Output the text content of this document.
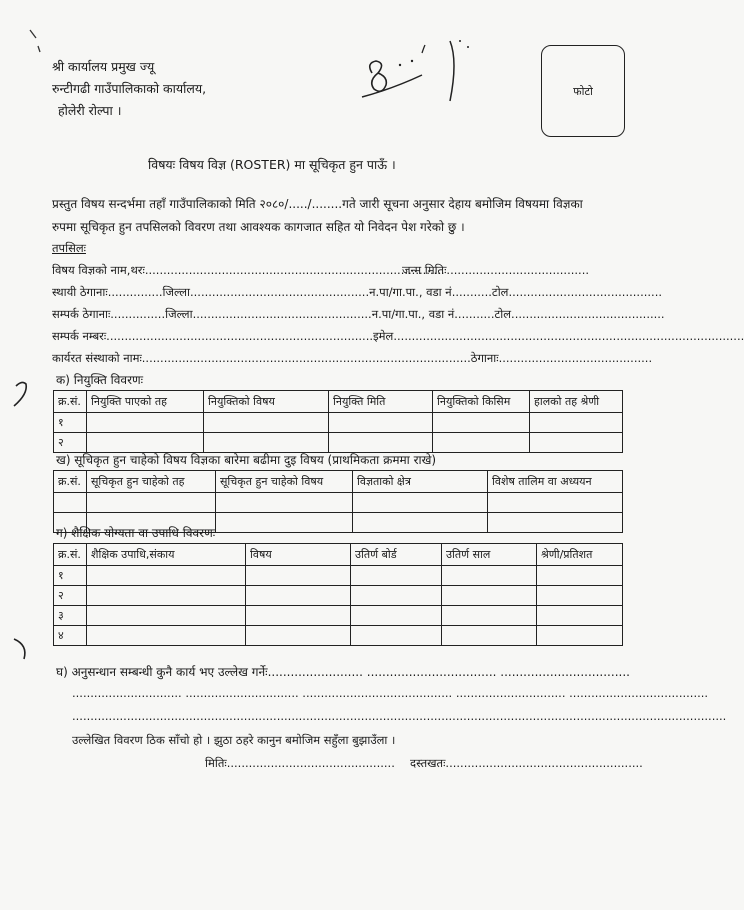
श्री कार्यालय प्रमुख ज्यू
रुन्टीगढी गाउँपालिकाको कार्यालय,
होलेरी रोल्पा ।
फोटो
विषयः विषय विज्ञ (ROSTER) मा सूचिकृत हुन पाऊँ ।
प्रस्तुत विषय सन्दर्भमा तहाँ गाउँपालिकाको मिति २०८०/...../........गते जारी सूचना अनुसार देहाय बमोजिम विषयमा विज्ञका
रुपमा सूचिकृत हुन तपसिलको विवरण तथा आवश्यक कागजात सहित यो निवेदन पेश गरेको छु ।
तपसिलः
विषय विज्ञको नाम,थरः..................................................................................
जन्म मितिः.......................................
स्थायी ठेगानाः...............जिल्ला.................................................न.पा/गा.पा., वडा नं...........टोल..........................................
सम्पर्क ठेगानाः...............जिल्ला.................................................न.पा/गा.पा., वडा नं...........टोल..........................................
सम्पर्क नम्बरः.........................................................................इमेल................................................................................................
कार्यरत संस्थाको नामः..........................................................................................ठेगानाः..........................................
क) नियुक्ति विवरणः
क्र.सं.	नियुक्ति पाएको तह	नियुक्तिको विषय	नियुक्ति मिति	नियुक्तिको किसिम	हालको तह श्रेणी
१					
२					
ख) सूचिकृत हुन चाहेको विषय विज्ञका बारेमा बढीमा दुइ विषय (प्राथमिकता क्रममा राखे)
क्र.सं.	सूचिकृत हुन चाहेको तह	सूचिकृत हुन चाहेको विषय	विज्ञताको क्षेत्र	विशेष तालिम वा अध्ययन

ग) शैक्षिक योग्यता वा उपाधि विवरणः
क्र.सं.	शैक्षिक उपाधि,संकाय	विषय	उतिर्ण बोर्ड	उतिर्ण साल	श्रेणी/प्रतिशत
१					
२					
३					
४					
घ) अनुसन्धान सम्बन्धी कुनै कार्य भए उल्लेख गर्नेः......................... .................................. ..................................
.............................. ............................... ......................................... .............................. ......................................
...................................................................................................................................................................................
उल्लेखित विवरण ठिक साँचो हो । झुठा ठहरे कानुन बमोजिम सहुँला बुझाउँला ।
मितिः.............................................. दस्तखतः......................................................
